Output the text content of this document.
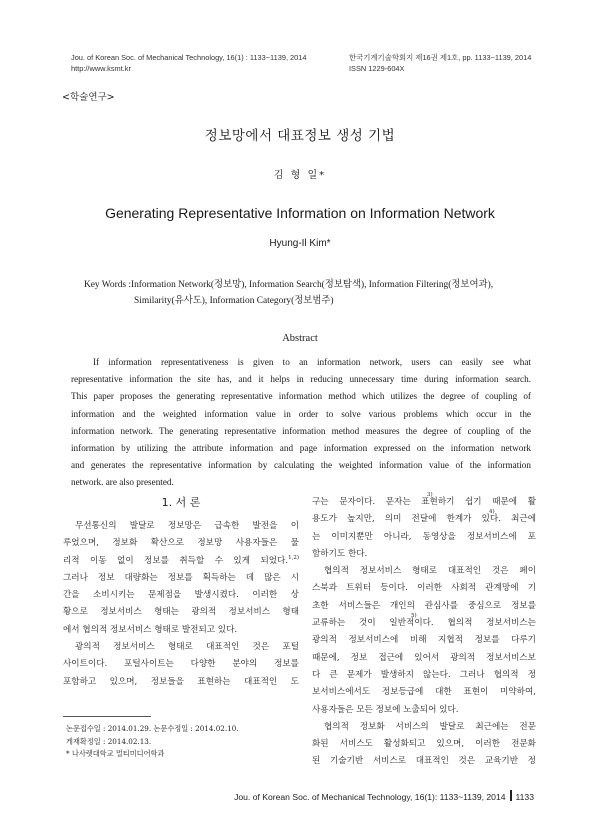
Jou. of Korean Soc. of Mechanical Technology, 16(1) : 1133~1139, 2014
http://www.ksmt.kr
한국기계기술학회지 제16권 제1호, pp. 1133~1139, 2014
ISSN 1229-604X
<학술연구>
정보망에서 대표정보 생성 기법
김 형 일*
Generating Representative Information on Information Network
Hyung-Il Kim*
Key Words :Information Network(정보망), Information Search(정보탐색), Information Filtering(정보여과),
Similarity(유사도), Information Category(정보범주)
Abstract
If information representativeness is given to an information network, users can easily see what
representative information the site has, and it helps in reducing unnecessary time during information search.
This paper proposes the generating representative information method which utilizes the degree of coupling of
information and the weighted information value in order to solve various problems which occur in the
information network. The generating representative information method measures the degree of coupling of the
information by utilizing the attribute information and page information expressed on the information network
and generates the representative information by calculating the weighted information value of the information
network. are also presented.
1. 서 론
무선통신의 발달로 정보망은 급속한 발전을 이
루었으며, 정보화 확산으로 정보망 사용자들은 물
리적 이동 없이 정보를 취득할 수 있게 되었다.$^{1,2)}$
그러나 정보 대량화는 정보를 획득하는 데 많은 시
간을 소비시키는 문제점을 발생시켰다. 이러한 상
황으로 정보서비스 형태는 광의적 정보서비스 형태
에서 협의적 정보서비스 형태로 발전되고 있다.
광의적 정보서비스 형태로 대표적인 것은 포털
사이트이다. 포털사이트는 다양한 분야의 정보를
포함하고 있으며, 정보들을 표현하는 대표적인 도
구는 문자이다. 문자는 표현하기 쉽기 때문에 활
용도가 높지만, 의미 전달에 한계가 있다. 최근에
는 이미지뿐만 아니라, 동영상을 정보서비스에 포
함하기도 한다.
협의적 정보서비스 형태로 대표적인 것은 페이
스북과 트위터 등이다. 이러한 사회적 관계망에 기
초한 서비스들은 개인의 관심사를 중심으로 정보를
교류하는 것이 일반적이다. 협의적 정보서비스는
광의적 정보서비스에 비해 지협적 정보를 다루기
때문에, 정보 접근에 있어서 광의적 정보서비스보
다 큰 문제가 발생하지 않는다. 그러나 협의적 정
보서비스에서도 정보등급에 대한 표현이 미약하여,
사용자들은 모든 정보에 노출되어 있다.
협의적 정보화 서비스의 발달로 최근에는 전문
화된 서비스도 활성화되고 있으며, 이러한 전문화
된 기술기반 서비스로 대표적인 것은 교육기반 정
$^{3)}$
$^{4)}$
$^{5)}$
논문접수일 : 2014.01.29. 논문수정일 : 2014.02.10.
게재확정일 : 2014.02.13.
* 나사렛대학교 멀티미디어학과
Jou. of Korean Soc. of Mechanical Technology, 16(1): 1133~1139, 2014 1133
